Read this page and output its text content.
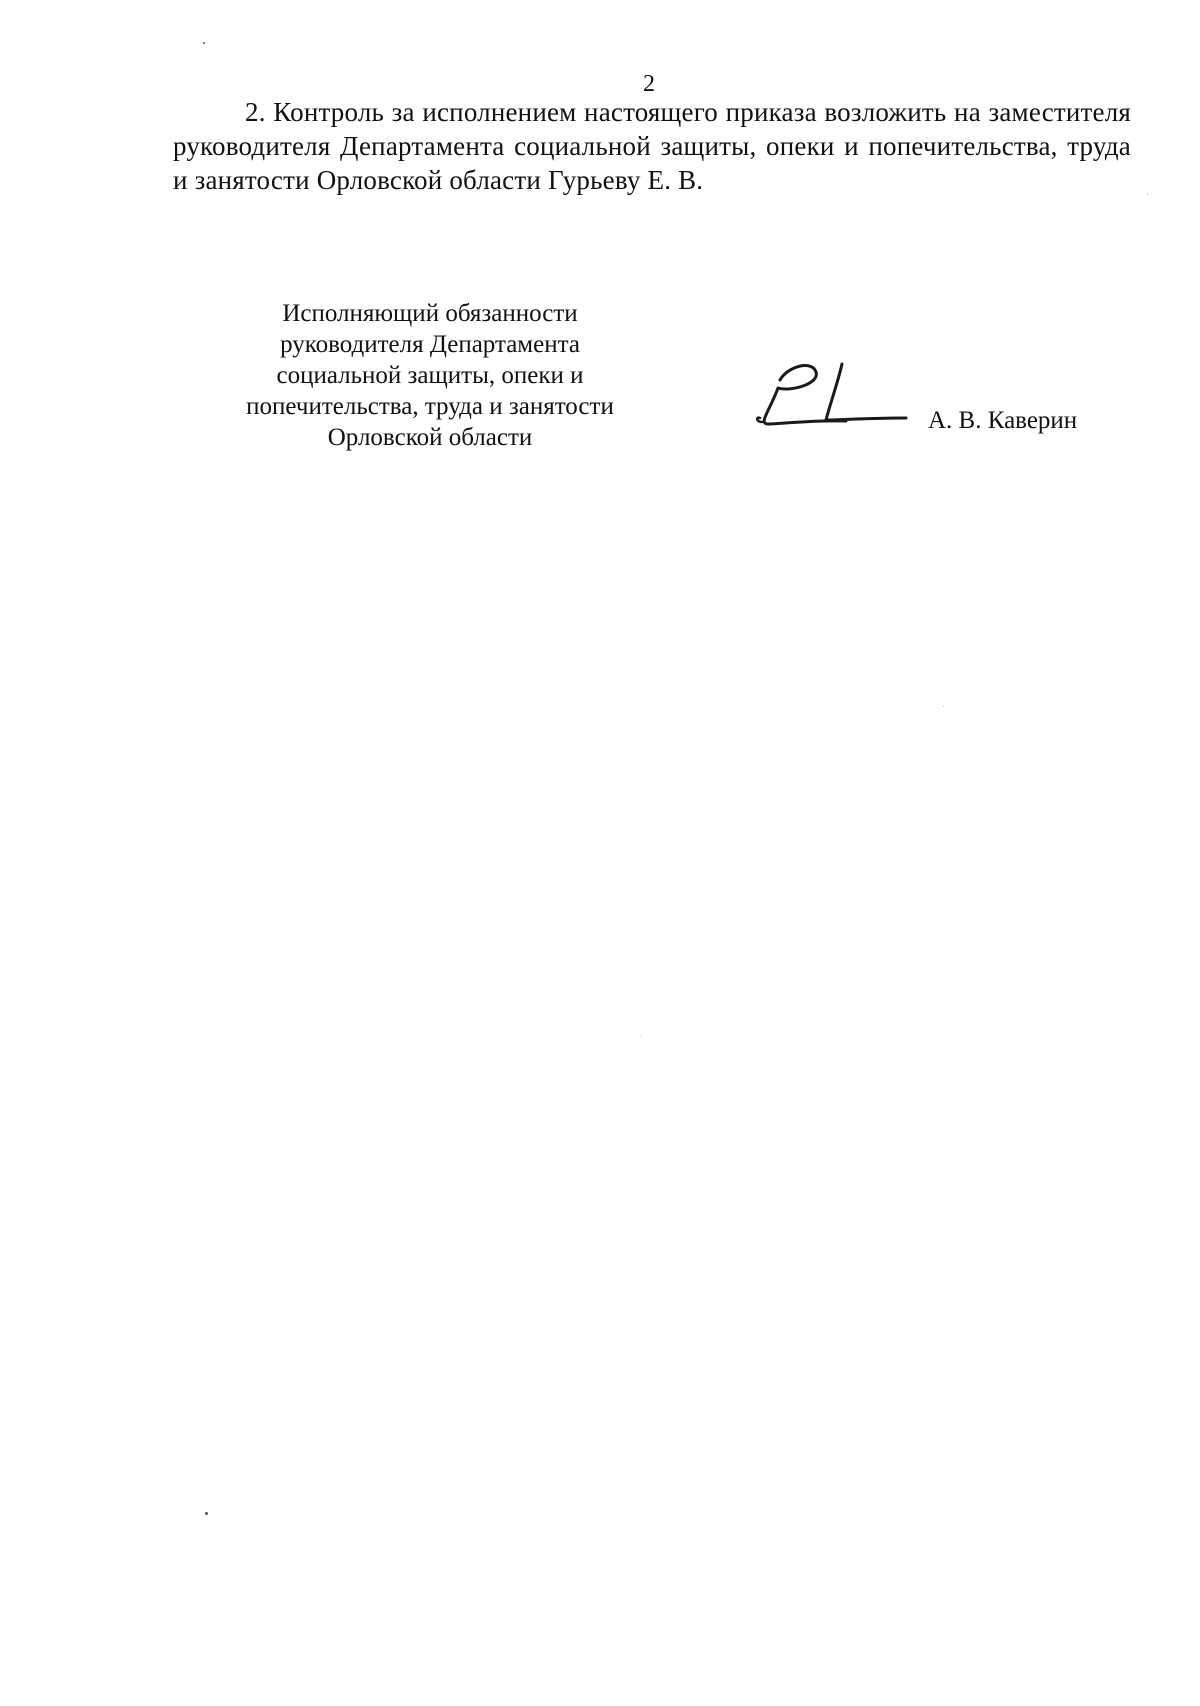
2

2. Контроль за исполнением настоящего приказа возложить на заместителя руководителя Департамента социальной защиты, опеки и попечительства, труда и занятости Орловской области Гурьеву Е. В.

Исполняющий обязанности
руководителя Департамента
социальной защиты, опеки и
попечительства, труда и занятости
Орловской области
А. В. Каверин
